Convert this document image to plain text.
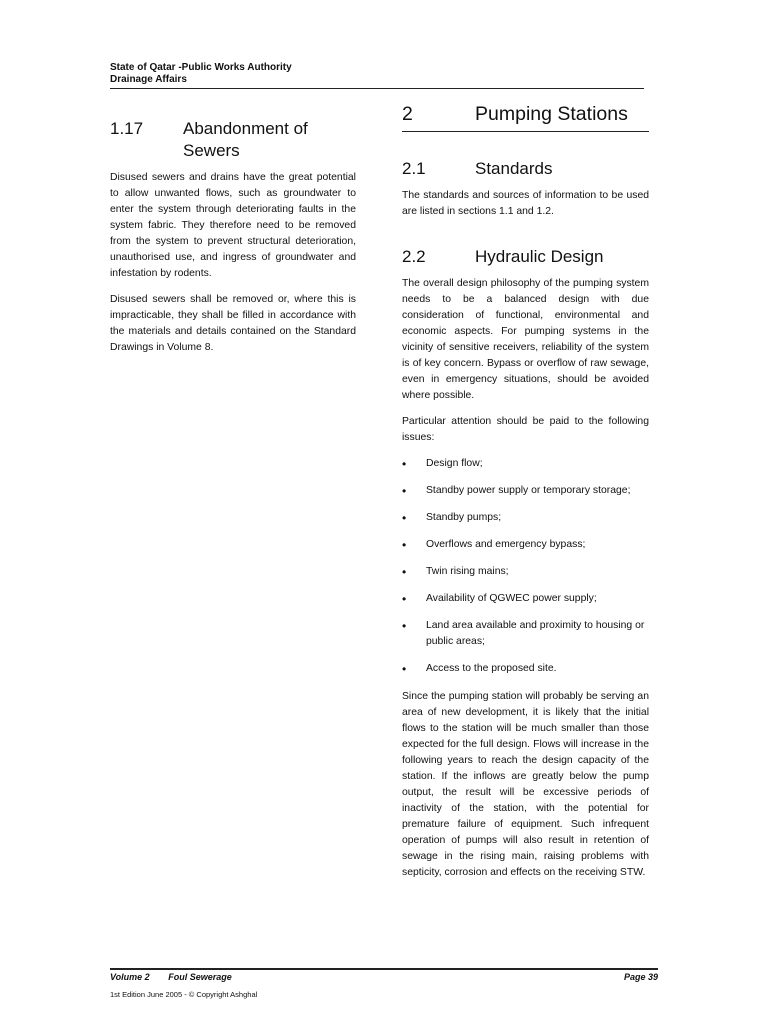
State of Qatar -Public Works Authority
Drainage Affairs
1.17	Abandonment of Sewers

Disused sewers and drains have the great potential to allow unwanted flows, such as groundwater to enter the system through deteriorating faults in the system fabric. They therefore need to be removed from the system to prevent structural deterioration, unauthorised use, and ingress of groundwater and infestation by rodents.

Disused sewers shall be removed or, where this is impracticable, they shall be filled in accordance with the materials and details contained on the Standard Drawings in Volume 8.

2	Pumping Stations
2.1	Standards

The standards and sources of information to be used are listed in sections 1.1 and 1.2.

2.2	Hydraulic Design

The overall design philosophy of the pumping system needs to be a balanced design with due consideration of functional, environmental and economic aspects. For pumping systems in the vicinity of sensitive receivers, reliability of the system is of key concern. Bypass or overflow of raw sewage, even in emergency situations, should be avoided where possible.

Particular attention should be paid to the following issues:

• Design flow;
• Standby power supply or temporary storage;
• Standby pumps;
• Overflows and emergency bypass;
• Twin rising mains;
• Availability of QGWEC power supply;
• Land area available and proximity to housing or public areas;
• Access to the proposed site.

Since the pumping station will probably be serving an area of new development, it is likely that the initial flows to the station will be much smaller than those expected for the full design. Flows will increase in the following years to reach the design capacity of the station. If the inflows are greatly below the pump output, the result will be excessive periods of inactivity of the station, with the potential for premature failure of equipment. Such infrequent operation of pumps will also result in retention of sewage in the rising main, raising problems with septicity, corrosion and effects on the receiving STW.

Volume 2 Foul Sewerage	Page 39
1st Edition June 2005 - © Copyright Ashghal
